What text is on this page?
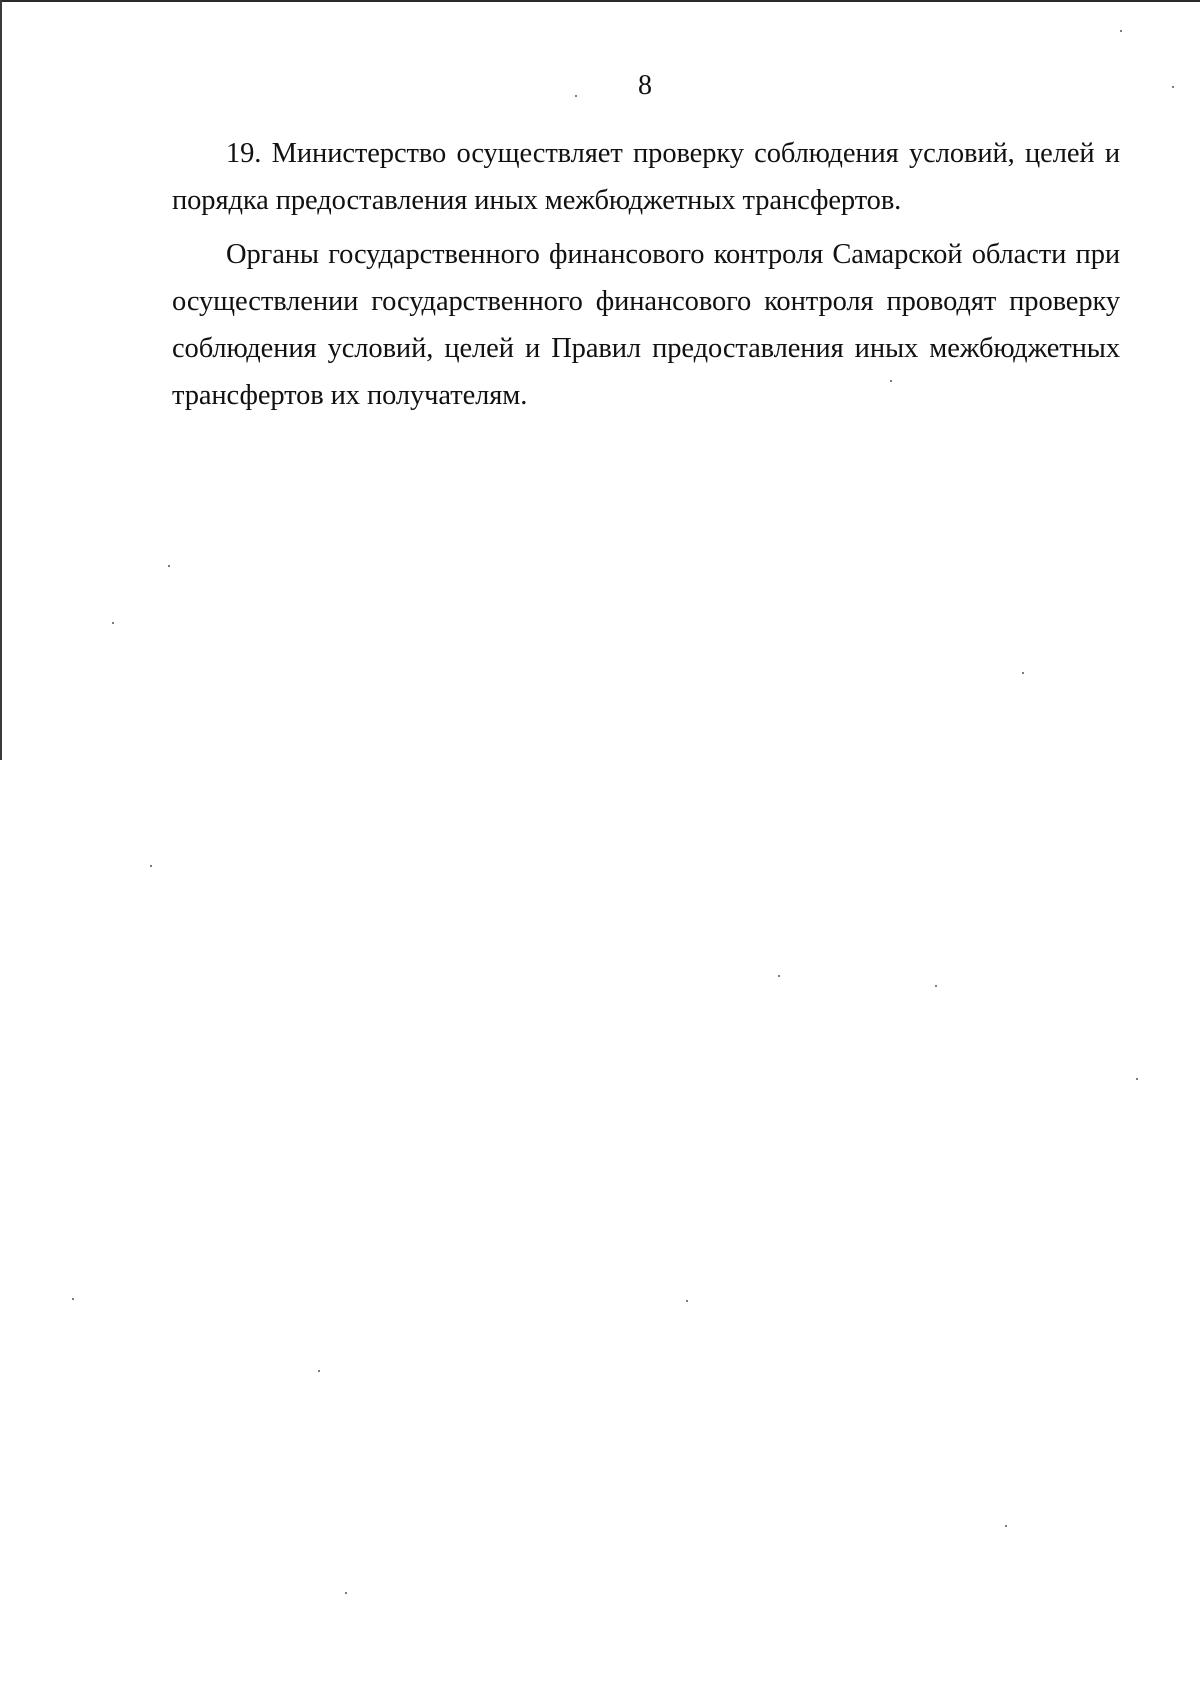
8

19. Министерство осуществляет проверку соблюдения условий, целей и порядка предоставления иных межбюджетных трансфертов.

Органы государственного финансового контроля Самарской области при осуществлении государственного финансового контроля проводят проверку соблюдения условий, целей и Правил предоставления иных межбюджетных трансфертов их получателям.
